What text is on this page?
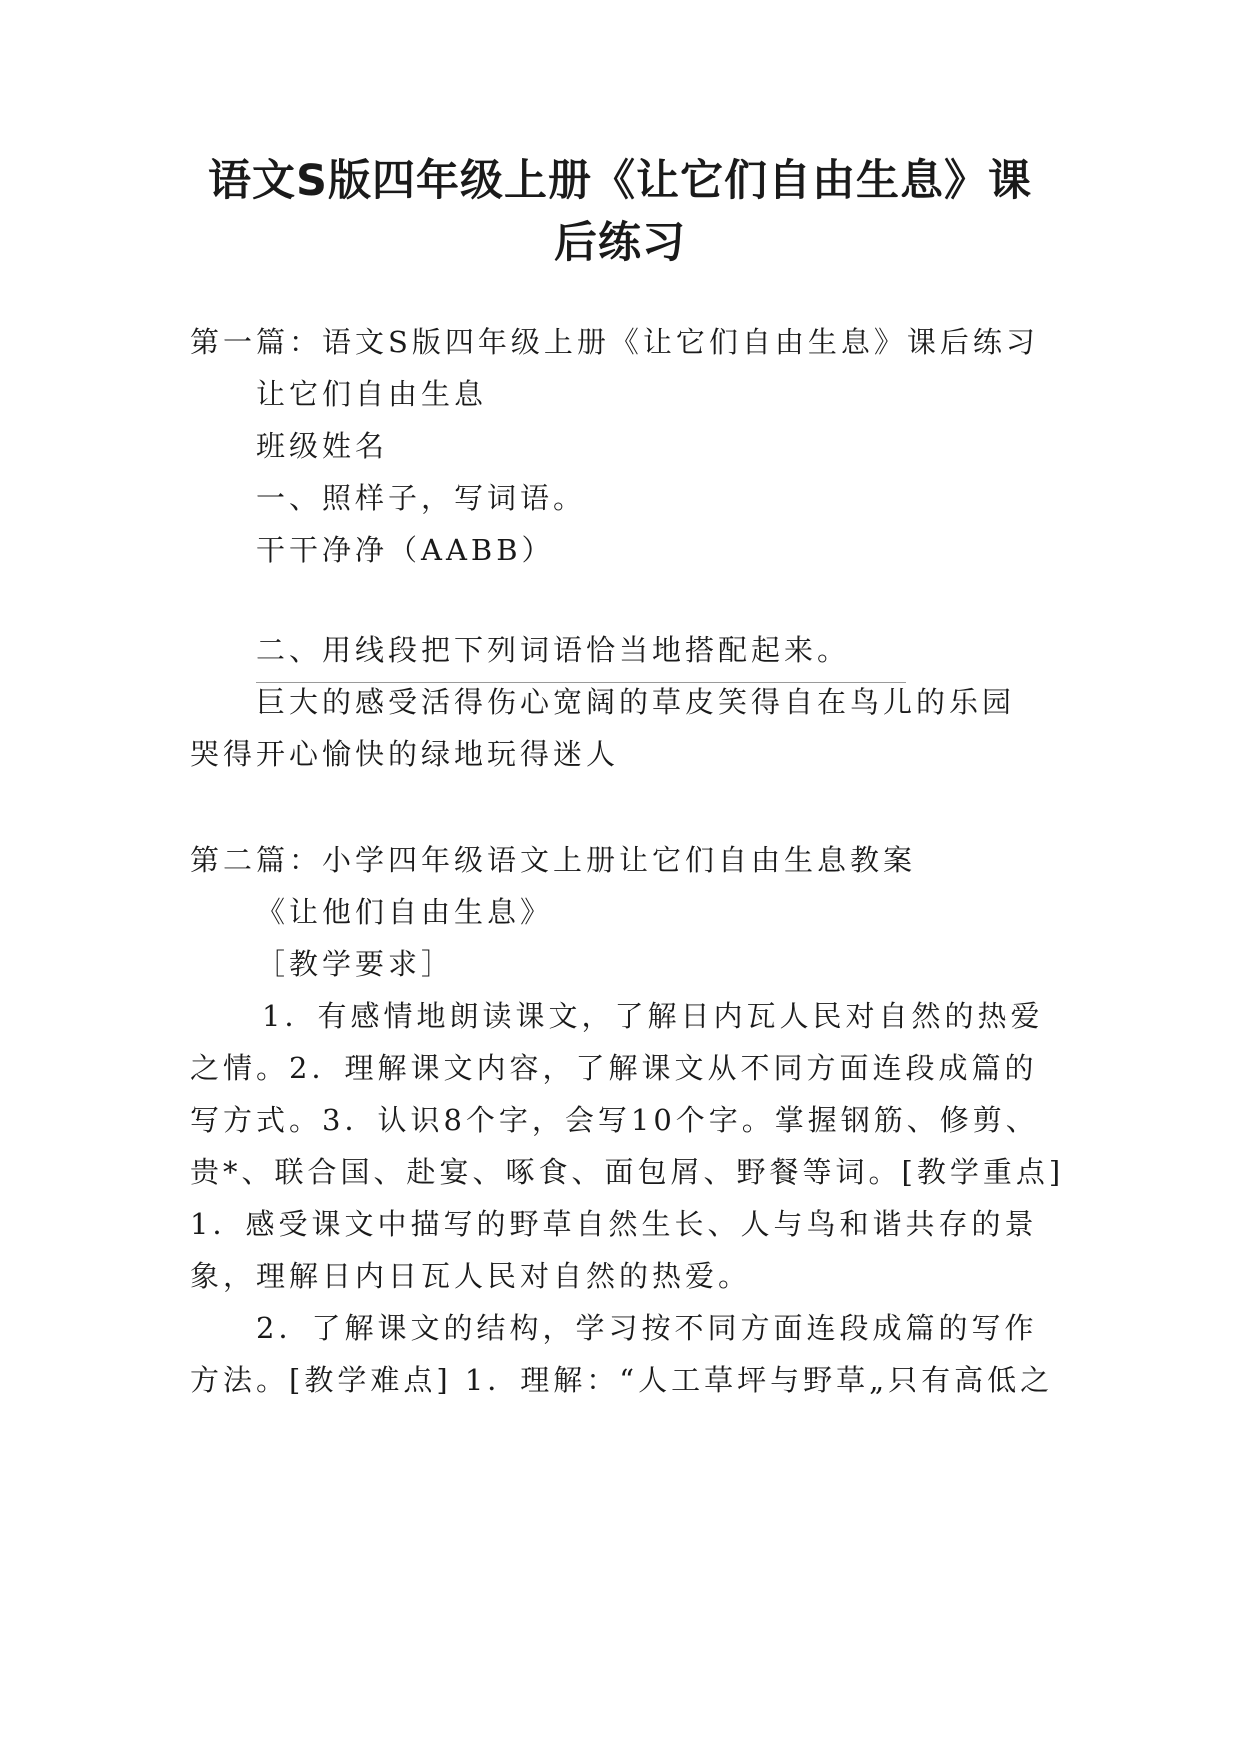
语文S版四年级上册《让它们自由生息》课
后练习

第一篇：语文S版四年级上册《让它们自由生息》课后练习

让它们自由生息

班级姓名

一、照样子，写词语。

干干净净（AABB）

二、用线段把下列词语恰当地搭配起来。

巨大的感受活得伤心宽阔的草皮笑得自在鸟儿的乐园

哭得开心愉快的绿地玩得迷人

第二篇：小学四年级语文上册让它们自由生息教案

《让他们自由生息》

［教学要求］

1．有感情地朗读课文，了解日内瓦人民对自然的热爱

之情。2．理解课文内容，了解课文从不同方面连段成篇的

写方式。3．认识8个字，会写10个字。掌握钢筋、修剪、

贵*、联合国、赴宴、啄食、面包屑、野餐等词。[教学重点]

1．感受课文中描写的野草自然生长、人与鸟和谐共存的景

象，理解日内日瓦人民对自然的热爱。

2．了解课文的结构，学习按不同方面连段成篇的写作

方法。[教学难点] 1．理解：“人工草坪与野草„只有高低之
